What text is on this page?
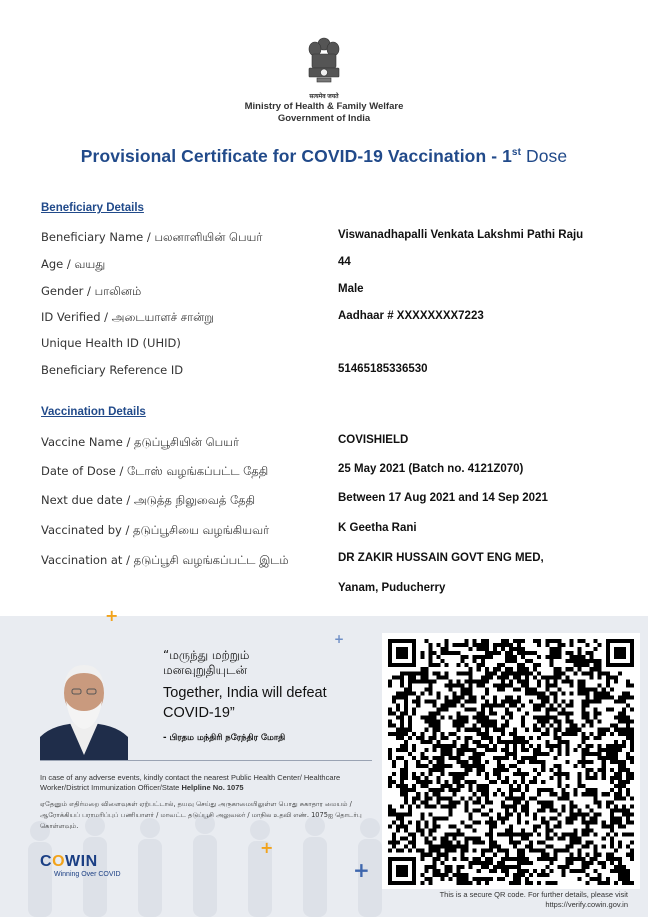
सत्यमेव जयते
Ministry of Health & Family Welfare
Government of India
Provisional Certificate for COVID-19 Vaccination - 1st Dose
Beneficiary Details
Beneficiary Name / பலனாளியின் பெயர்	Viswanadhapalli Venkata Lakshmi Pathi Raju
Age / வயது	44
Gender / பாலினம்	Male
ID Verified / அடையாளச் சான்று	Aadhaar # XXXXXXXX7223
Unique Health ID (UHID)
Beneficiary Reference ID	51465185336530
Vaccination Details
Vaccine Name / தடுப்பூசியின் பெயர்	COVISHIELD
Date of Dose / டோஸ் வழங்கப்பட்ட தேதி	25 May 2021 (Batch no. 4121Z070)
Next due date / அடுத்த நிலுவைத் தேதி	Between 17 Aug 2021 and 14 Sep 2021
Vaccinated by / தடுப்பூசியை வழங்கியவர்	K Geetha Rani
Vaccination at / தடுப்பூசி வழங்கப்பட்ட இடம்	DR ZAKIR HUSSAIN GOVT ENG MED,
Yanam, Puducherry
+
+
+
+
“மருந்து மற்றும்
மனவுறுதியுடன்
Together, India will defeat COVID-19”
- பிரதம மந்திரி நரேந்திர மோதி
In case of any adverse events, kindly contact the nearest Public Health Center/ Healthcare Worker/District Immunization Officer/State Helpline No. 1075
ஏதேனும் எதிர்மறை விளைவுகள் ஏற்பட்டால், தயவு செய்து அருகாமையிலுள்ள பொது சுகாதார மையம் / ஆரோக்கியப் பராமரிப்புப் பணியாளர் / மாவட்ட தடுப்பூசி அலுவலர் / மாநில உதவி எண். 1075ஐ தொடர்பு கொள்ளவும்.
COWIN
Winning Over COVID
This is a secure QR code. For further details, please visit
https://verify.cowin.gov.in
